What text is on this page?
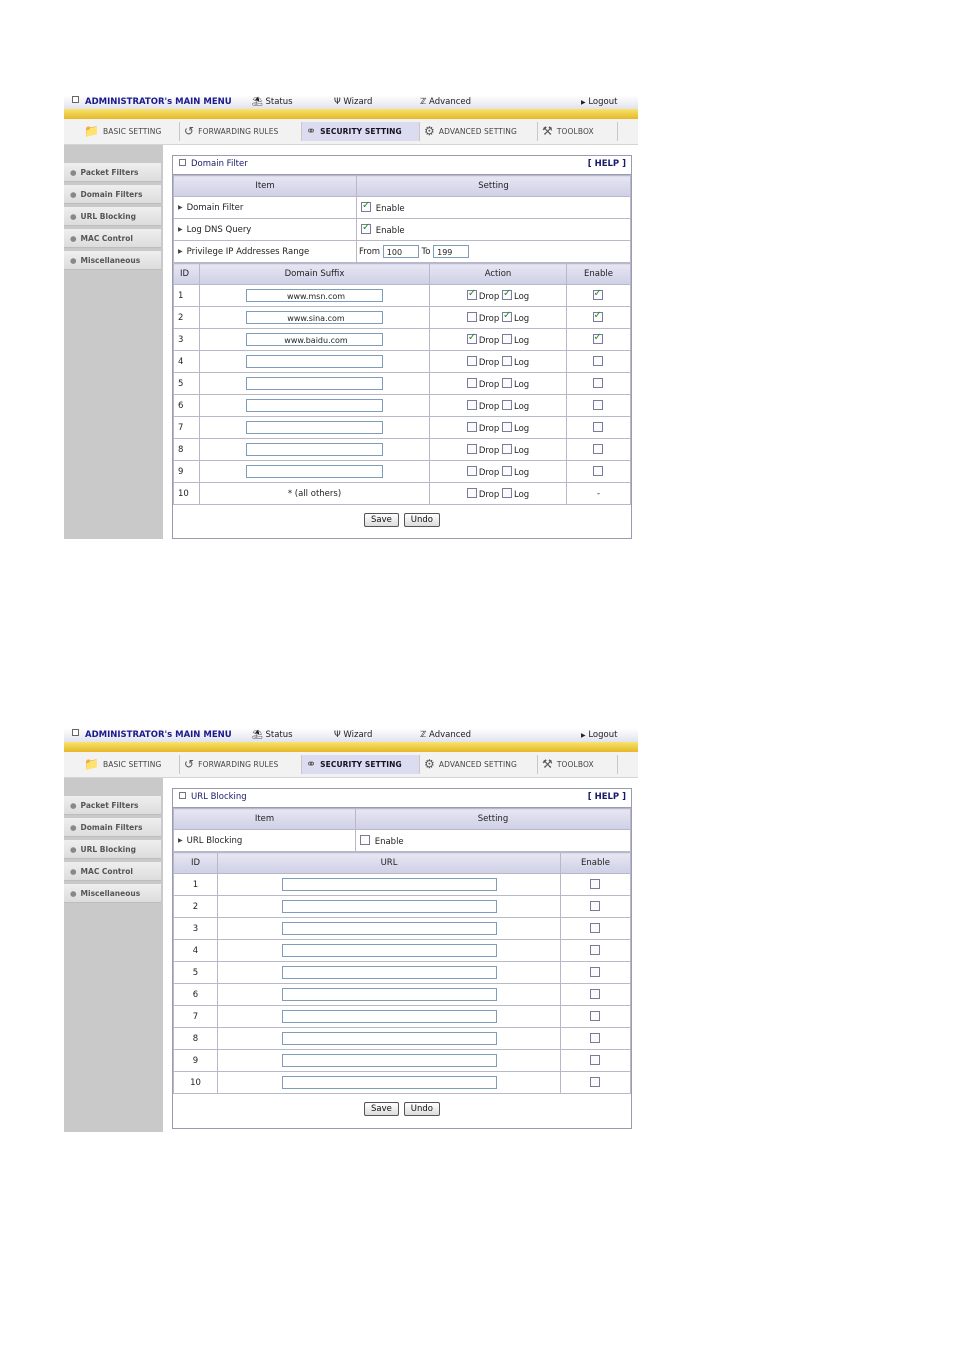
ADMINISTRATOR's MAIN MENU ⛱ Status	Ψ Wizard	ℤ Advanced	▶ Logout
📁 BASIC SETTING	↺ FORWARDING RULES	⚭ SECURITY SETTING	⚙ ADVANCED SETTING	⚒ TOOLBOX
● Packet Filters
● Domain Filters
● URL Blocking
● MAC Control
● Miscellaneous
Domain Filter	[ HELP ]
Item	Setting
▶ Domain Filter	✓Enable
▶ Log DNS Query	✓Enable
▶ Privilege IP Addresses Range	From 100 To 199
ID	Domain Suffix	Action	Enable
1	www.msn.com	✓Drop ✓ Log	✓
2	www.sina.com	Drop ✓ Log	✓
3	www.baidu.com	✓Drop Log	✓
4		Drop Log	
5		Drop Log	
6		Drop Log	
7		Drop Log	
8		Drop Log	
9		Drop Log	
10	* (all others)	Drop Log	-
Save Undo
ADMINISTRATOR's MAIN MENU ⛱ Status	Ψ Wizard	ℤ Advanced	▶ Logout
📁 BASIC SETTING	↺ FORWARDING RULES	⚭ SECURITY SETTING	⚙ ADVANCED SETTING	⚒ TOOLBOX
● Packet Filters
● Domain Filters
● URL Blocking
● MAC Control
● Miscellaneous
URL Blocking	[ HELP ]
Item	Setting
▶ URL Blocking	Enable
ID	URL	Enable
1		
2		
3		
4		
5		
6		
7		
8		
9		
10		
Save Undo
